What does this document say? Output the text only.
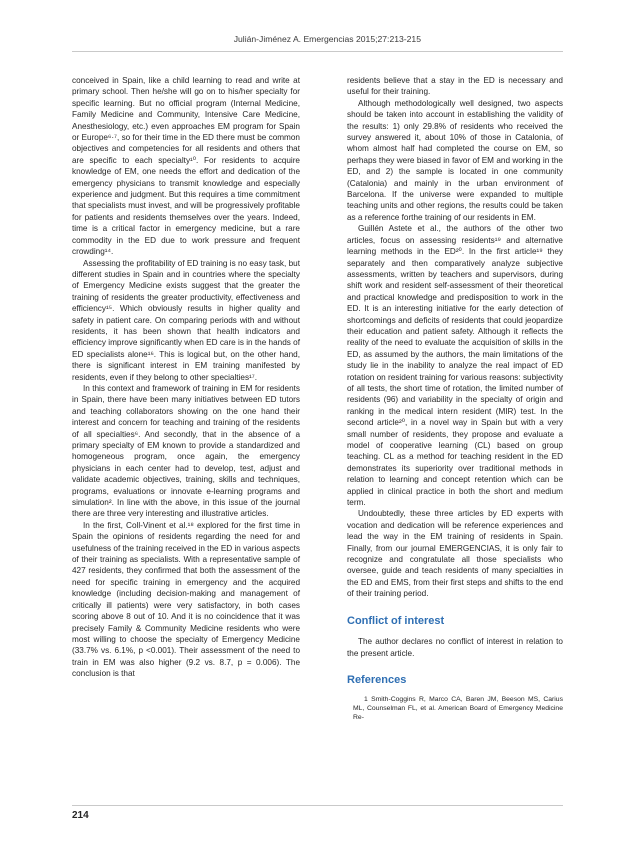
Julián-Jiménez A. Emergencias 2015;27:213-215

conceived in Spain, like a child learning to read and write at primary school. Then he/she will go on to his/her specialty for specific learning. But no official program (Internal Medicine, Family Medicine and Community, Intensive Care Medicine, Anesthesiology, etc.) even approaches EM program for Spain or Europe⁶·⁷, so for their time in the ED there must be common objectives and competencies for all residents and others that are specific to each specialty¹⁰. For residents to acquire knowledge of EM, one needs the effort and dedication of the emergency physicians to transmit knowledge and especially experience and judgment. But this requires a time commitment that specialists must invest, and will be progressively profitable for patients and residents themselves over the years. Indeed, time is a critical factor in emergency medicine, but a rare commodity in the ED due to work pressure and frequent crowding¹⁴.

Assessing the profitability of ED training is no easy task, but different studies in Spain and in countries where the specialty of Emergency Medicine exists suggest that the greater the training of residents the greater productivity, effectiveness and efficiency¹⁵. Which obviously results in higher quality and safety in patient care. On comparing periods with and without residents, it has been shown that health indicators and efficiency improve significantly when ED care is in the hands of ED specialists alone¹⁶. This is logical but, on the other hand, there is significant interest in EM training manifested by residents, even if they belong to other specialties¹⁷.

In this context and framework of training in EM for residents in Spain, there have been many initiatives between ED tutors and teaching collaborators showing on the one hand their interest and concern for teaching and training of the residents of all specialties⁶. And secondly, that in the absence of a primary specialty of EM known to provide a standardized and homogeneous program, once again, the emergency physicians in each center had to develop, test, adjust and validate academic objectives, training, skills and techniques, programs, evaluations or innovate e-learning programs and simulation². In line with the above, in this issue of the journal there are three very interesting and illustrative articles.

In the first, Coll-Vinent et al.¹⁸ explored for the first time in Spain the opinions of residents regarding the need for and usefulness of the training received in the ED in various aspects of their training as specialists. With a representative sample of 427 residents, they confirmed that both the assessment of the need for specific training in emergency and the acquired knowledge (including decision-making and management of critically ill patients) were very satisfactory, in both cases scoring above 8 out of 10. And it is no coincidence that it was precisely Family & Community Medicine residents who were most willing to choose the specialty of Emergency Medicine (33.7% vs. 6.1%, p <0.001). Their assessment of the need to train in EM was also higher (9.2 vs. 8.7, p = 0.006). The conclusion is that

residents believe that a stay in the ED is necessary and useful for their training.

Although methodologically well designed, two aspects should be taken into account in establishing the validity of the results: 1) only 29.8% of residents who received the survey answered it, about 10% of those in Catalonia, of whom almost half had completed the course on EM, so perhaps they were biased in favor of EM and working in the ED, and 2) the sample is located in one community (Catalonia) and mainly in the urban environment of Barcelona. If the universe were expanded to multiple teaching units and other regions, the results could be taken as a reference forthe training of our residents in EM.

Guillén Astete et al., the authors of the other two articles, focus on assessing residents¹⁹ and alternative learning methods in the ED²⁰. In the first article¹⁹ they separately and then comparatively analyze subjective assessments, written by teachers and supervisors, during shift work and resident self-assessment of their theoretical and practical knowledge and predisposition to work in the ED. It is an interesting initiative for the early detection of shortcomings and deficits of residents that could jeopardize their education and patient safety. Although it reflects the reality of the need to evaluate the acquisition of skills in the ED, as assumed by the authors, the main limitations of the study lie in the inability to analyze the real impact of ED rotation on resident training for various reasons: subjectivity of all tests, the short time of rotation, the limited number of residents (96) and variability in the specialty of origin and ranking in the medical intern resident (MIR) test. In the second article²⁰, in a novel way in Spain but with a very small number of residents, they propose and evaluate a model of cooperative learning (CL) based on group teaching. CL as a method for teaching resident in the ED demonstrates its superiority over traditional methods in relation to learning and concept retention which can be applied in clinical practice in both the short and medium term.

Undoubtedly, these three articles by ED experts with vocation and dedication will be reference experiences and lead the way in the EM training of residents in Spain. Finally, from our journal EMERGENCIAS, it is only fair to recognize and congratulate all those specialists who oversee, guide and teach residents of many specialties in the ED and EMS, from their first steps and shifts to the end of their training period.

Conflict of interest

The author declares no conflict of interest in relation to the present article.

References

1 Smith-Coggins R, Marco CA, Baren JM, Beeson MS, Carius ML, Counselman FL, et al. American Board of Emergency Medicine Re-

214
